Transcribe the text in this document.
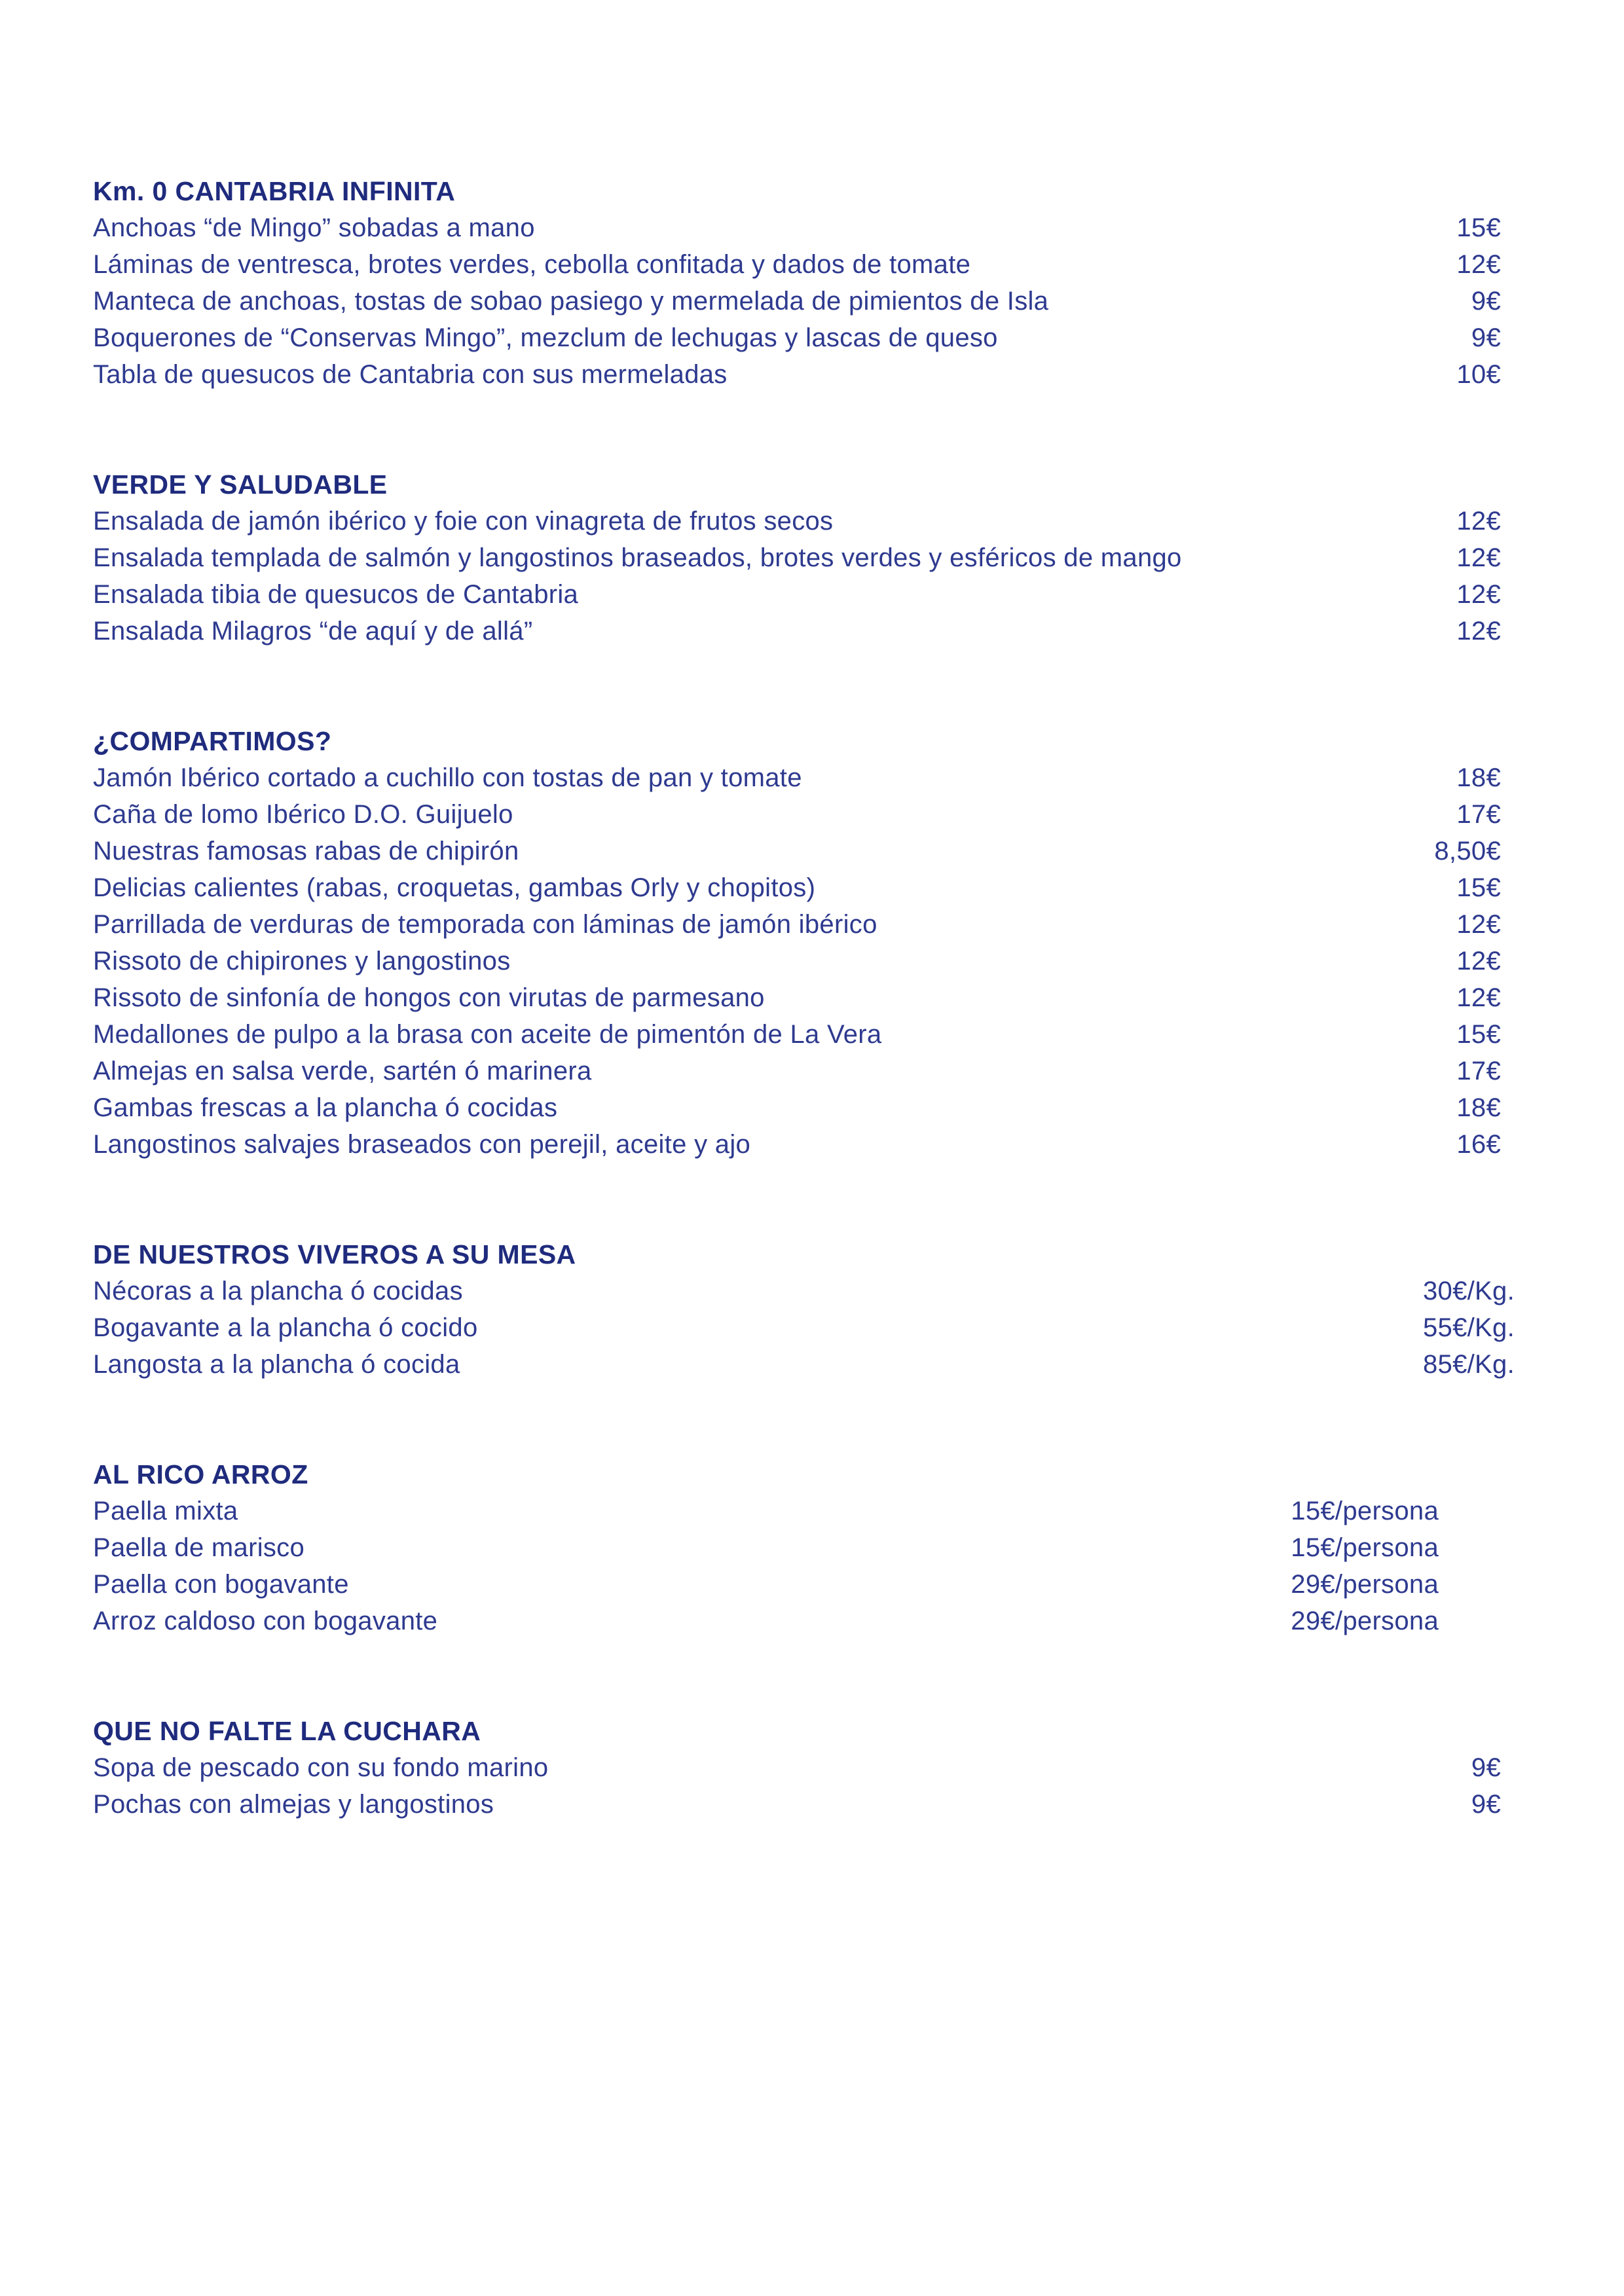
Km. 0 CANTABRIA INFINITA
Anchoas “de Mingo” sobadas a mano	15€
Láminas de ventresca, brotes verdes, cebolla confitada y dados de tomate	12€
Manteca de anchoas, tostas de sobao pasiego y mermelada de pimientos de Isla	9€
Boquerones de “Conservas Mingo”, mezclum de lechugas y lascas de queso	9€
Tabla de quesucos de Cantabria con sus mermeladas	10€
VERDE Y SALUDABLE
Ensalada de jamón ibérico y foie con vinagreta de frutos secos	12€
Ensalada templada de salmón y langostinos braseados, brotes verdes y esféricos de mango	12€
Ensalada tibia de quesucos de Cantabria	12€
Ensalada Milagros “de aquí y de allá”	12€
¿COMPARTIMOS?
Jamón Ibérico cortado a cuchillo con tostas de pan y tomate	18€
Caña de lomo Ibérico D.O. Guijuelo	17€
Nuestras famosas rabas de chipirón	8,50€
Delicias calientes (rabas, croquetas, gambas Orly y chopitos)	15€
Parrillada de verduras de temporada con láminas de jamón ibérico	12€
Rissoto de chipirones y langostinos	12€
Rissoto de sinfonía de hongos con virutas de parmesano	12€
Medallones de pulpo a la brasa con aceite de pimentón de La Vera	15€
Almejas en salsa verde, sartén ó marinera	17€
Gambas frescas a la plancha ó cocidas	18€
Langostinos salvajes braseados con perejil, aceite y ajo	16€
DE NUESTROS VIVEROS A SU MESA
Nécoras a la plancha ó cocidas	30€/Kg.
Bogavante a la plancha ó cocido	55€/Kg.
Langosta a la plancha ó cocida	85€/Kg.
AL RICO ARROZ
Paella mixta	15€/persona
Paella de marisco	15€/persona
Paella con bogavante	29€/persona
Arroz caldoso con bogavante	29€/persona
QUE NO FALTE LA CUCHARA
Sopa de pescado con su fondo marino	9€
Pochas con almejas y langostinos	9€
